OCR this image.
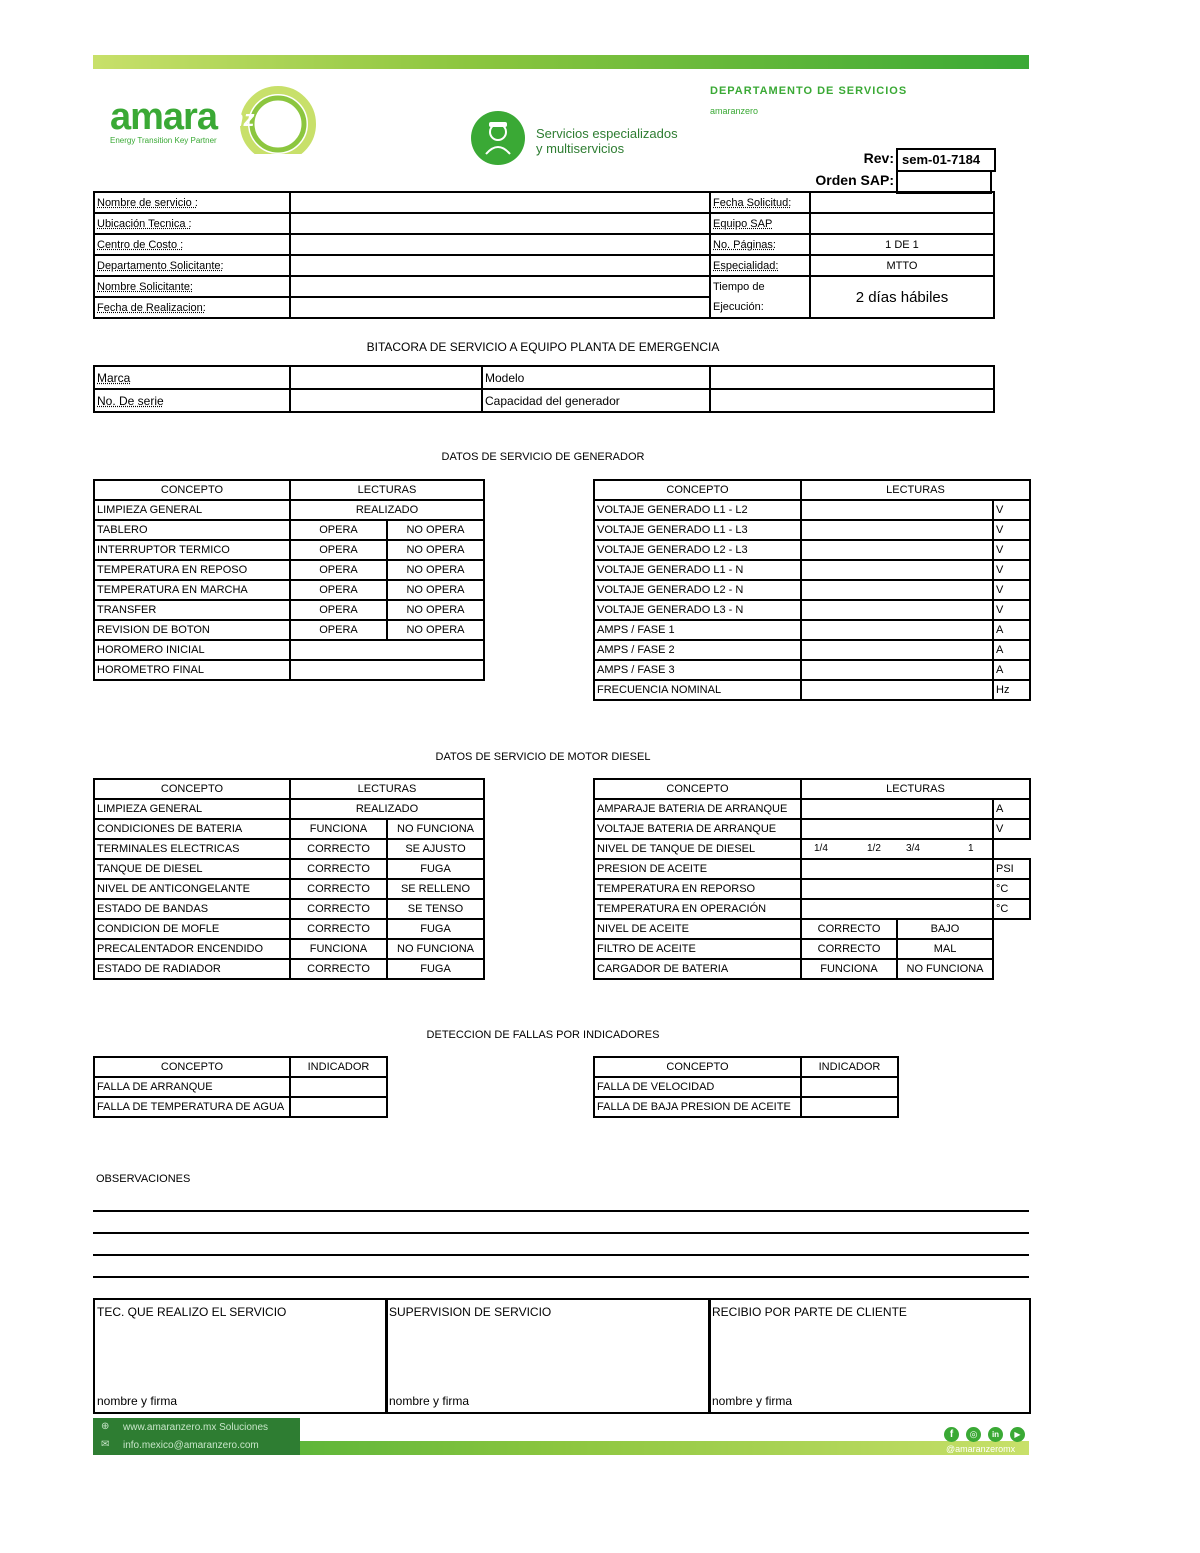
amara nzero
Energy Transition Key Partner	Servicios especializados
y multiservicios
DEPARTAMENTO DE SERVICIOS
amaranzero
Rev: sem-01-7184
Orden SAP:
Nombre de servicio :		Fecha Solicitud:	
Ubicación Tecnica :		Equipo SAP	
Centro de Costo :		No. Páginas:	1 DE 1
Departamento Solicitante:		Especialidad:	MTTO
Nombre Solicitante:		Tiempo de	2 días hábiles
Fecha de Realizacion:		Ejecución:	
BITACORA DE SERVICIO A EQUIPO PLANTA DE EMERGENCIA
Marca		Modelo	
No. De serie		Capacidad del generador	
DATOS DE SERVICIO DE GENERADOR
CONCEPTO	LECTURAS	
LIMPIEZA GENERAL	REALIZADO	
TABLERO	OPERA	NO OPERA
INTERRUPTOR TERMICO	OPERA	NO OPERA
TEMPERATURA EN REPOSO	OPERA	NO OPERA
TEMPERATURA EN MARCHA	OPERA	NO OPERA
TRANSFER	OPERA	NO OPERA
REVISION DE BOTON	OPERA	NO OPERA
HOROMERO INICIAL		
HOROMETRO FINAL		
CONCEPTO	LECTURAS	
VOLTAJE GENERADO L1 - L2		V
VOLTAJE GENERADO L1 - L3		V
VOLTAJE GENERADO L2 - L3		V
VOLTAJE GENERADO L1 - N		V
VOLTAJE GENERADO L2 - N		V
VOLTAJE GENERADO L3 - N		V
AMPS / FASE 1		A
AMPS / FASE 2		A
AMPS / FASE 3		A
FRECUENCIA NOMINAL		Hz
DATOS DE SERVICIO DE MOTOR DIESEL
CONCEPTO	LECTURAS	
LIMPIEZA GENERAL	REALIZADO	
CONDICIONES DE BATERIA	FUNCIONA	NO FUNCIONA
TERMINALES ELECTRICAS	CORRECTO	SE AJUSTO
TANQUE DE DIESEL	CORRECTO	FUGA
NIVEL DE ANTICONGELANTE	CORRECTO	SE RELLENO
ESTADO DE BANDAS	CORRECTO	SE TENSO
CONDICION DE MOFLE	CORRECTO	FUGA
PRECALENTADOR ENCENDIDO	FUNCIONA	NO FUNCIONA
ESTADO DE RADIADOR	CORRECTO	FUGA
CONCEPTO	LECTURAS		
AMPARAJE BATERIA DE ARRANQUE			A
VOLTAJE BATERIA DE ARRANQUE			V
NIVEL DE TANQUE DE DIESEL	1/4 1/2 3/4 1		

PRESION DE ACEITE			PSI
TEMPERATURA EN REPORSO			°C
TEMPERATURA EN OPERACIÓN			°C
NIVEL DE ACEITE	CORRECTO	BAJO	
FILTRO DE ACEITE	CORRECTO	MAL	
CARGADOR DE BATERIA	FUNCIONA	NO FUNCIONA	
DETECCION DE FALLAS POR INDICADORES
CONCEPTO	INDICADOR
FALLA DE ARRANQUE	
FALLA DE TEMPERATURA DE AGUA	
CONCEPTO	INDICADOR
FALLA DE VELOCIDAD	
FALLA DE BAJA PRESION DE ACEITE	
OBSERVACIONES
TEC. QUE REALIZO EL SERVICIO
nombre y firma
SUPERVISION DE SERVICIO
nombre y firma
RECIBIO POR PARTE DE CLIENTE
nombre y firma
⊕ www.amaranzero.mx Soluciones
✉ info.mexico@amaranzero.com
f	◎	in	▶
@amaranzeromx
